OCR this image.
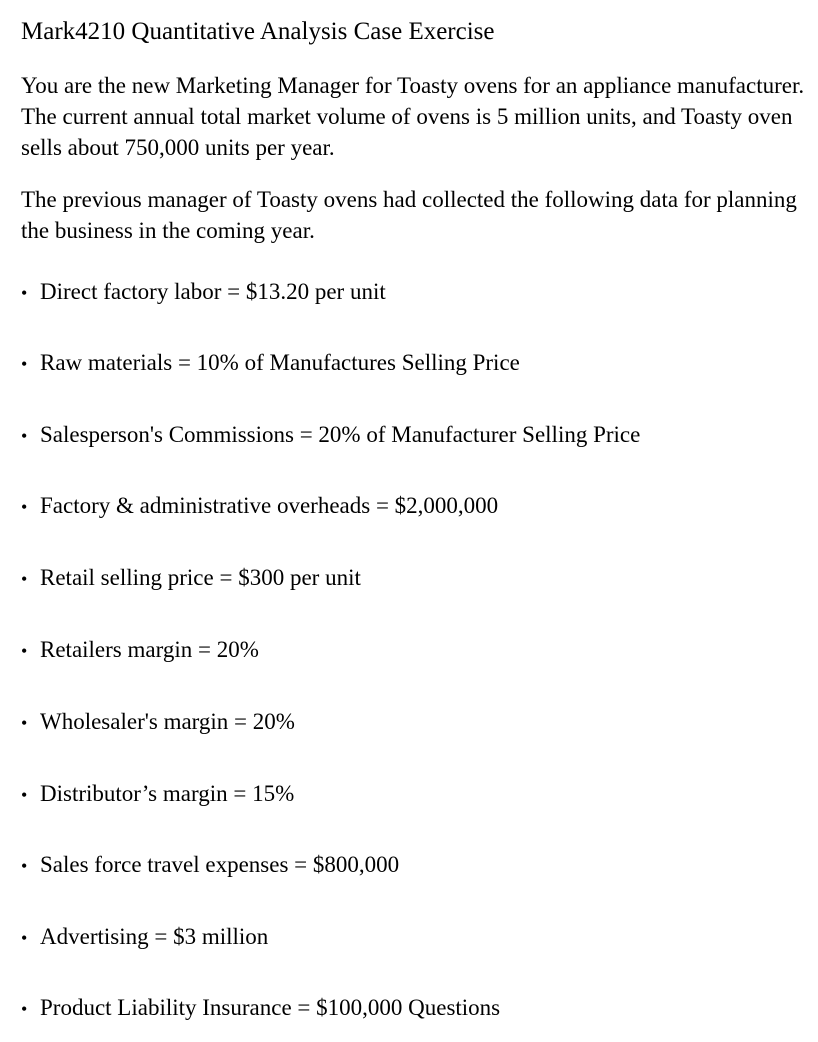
Mark4210 Quantitative Analysis Case Exercise

You are the new Marketing Manager for Toasty ovens for an appliance manufacturer. The current annual total market volume of ovens is 5 million units, and Toasty oven sells about 750,000 units per year.

The previous manager of Toasty ovens had collected the following data for planning the business in the coming year.

• Direct factory labor = $13.20 per unit
• Raw materials = 10% of Manufactures Selling Price
• Salesperson's Commissions = 20% of Manufacturer Selling Price
• Factory & administrative overheads = $2,000,000
• Retail selling price = $300 per unit
• Retailers margin = 20%
• Wholesaler's margin = 20%
• Distributor’s margin = 15%
• Sales force travel expenses = $800,000
• Advertising = $3 million
• Product Liability Insurance = $100,000 Questions
